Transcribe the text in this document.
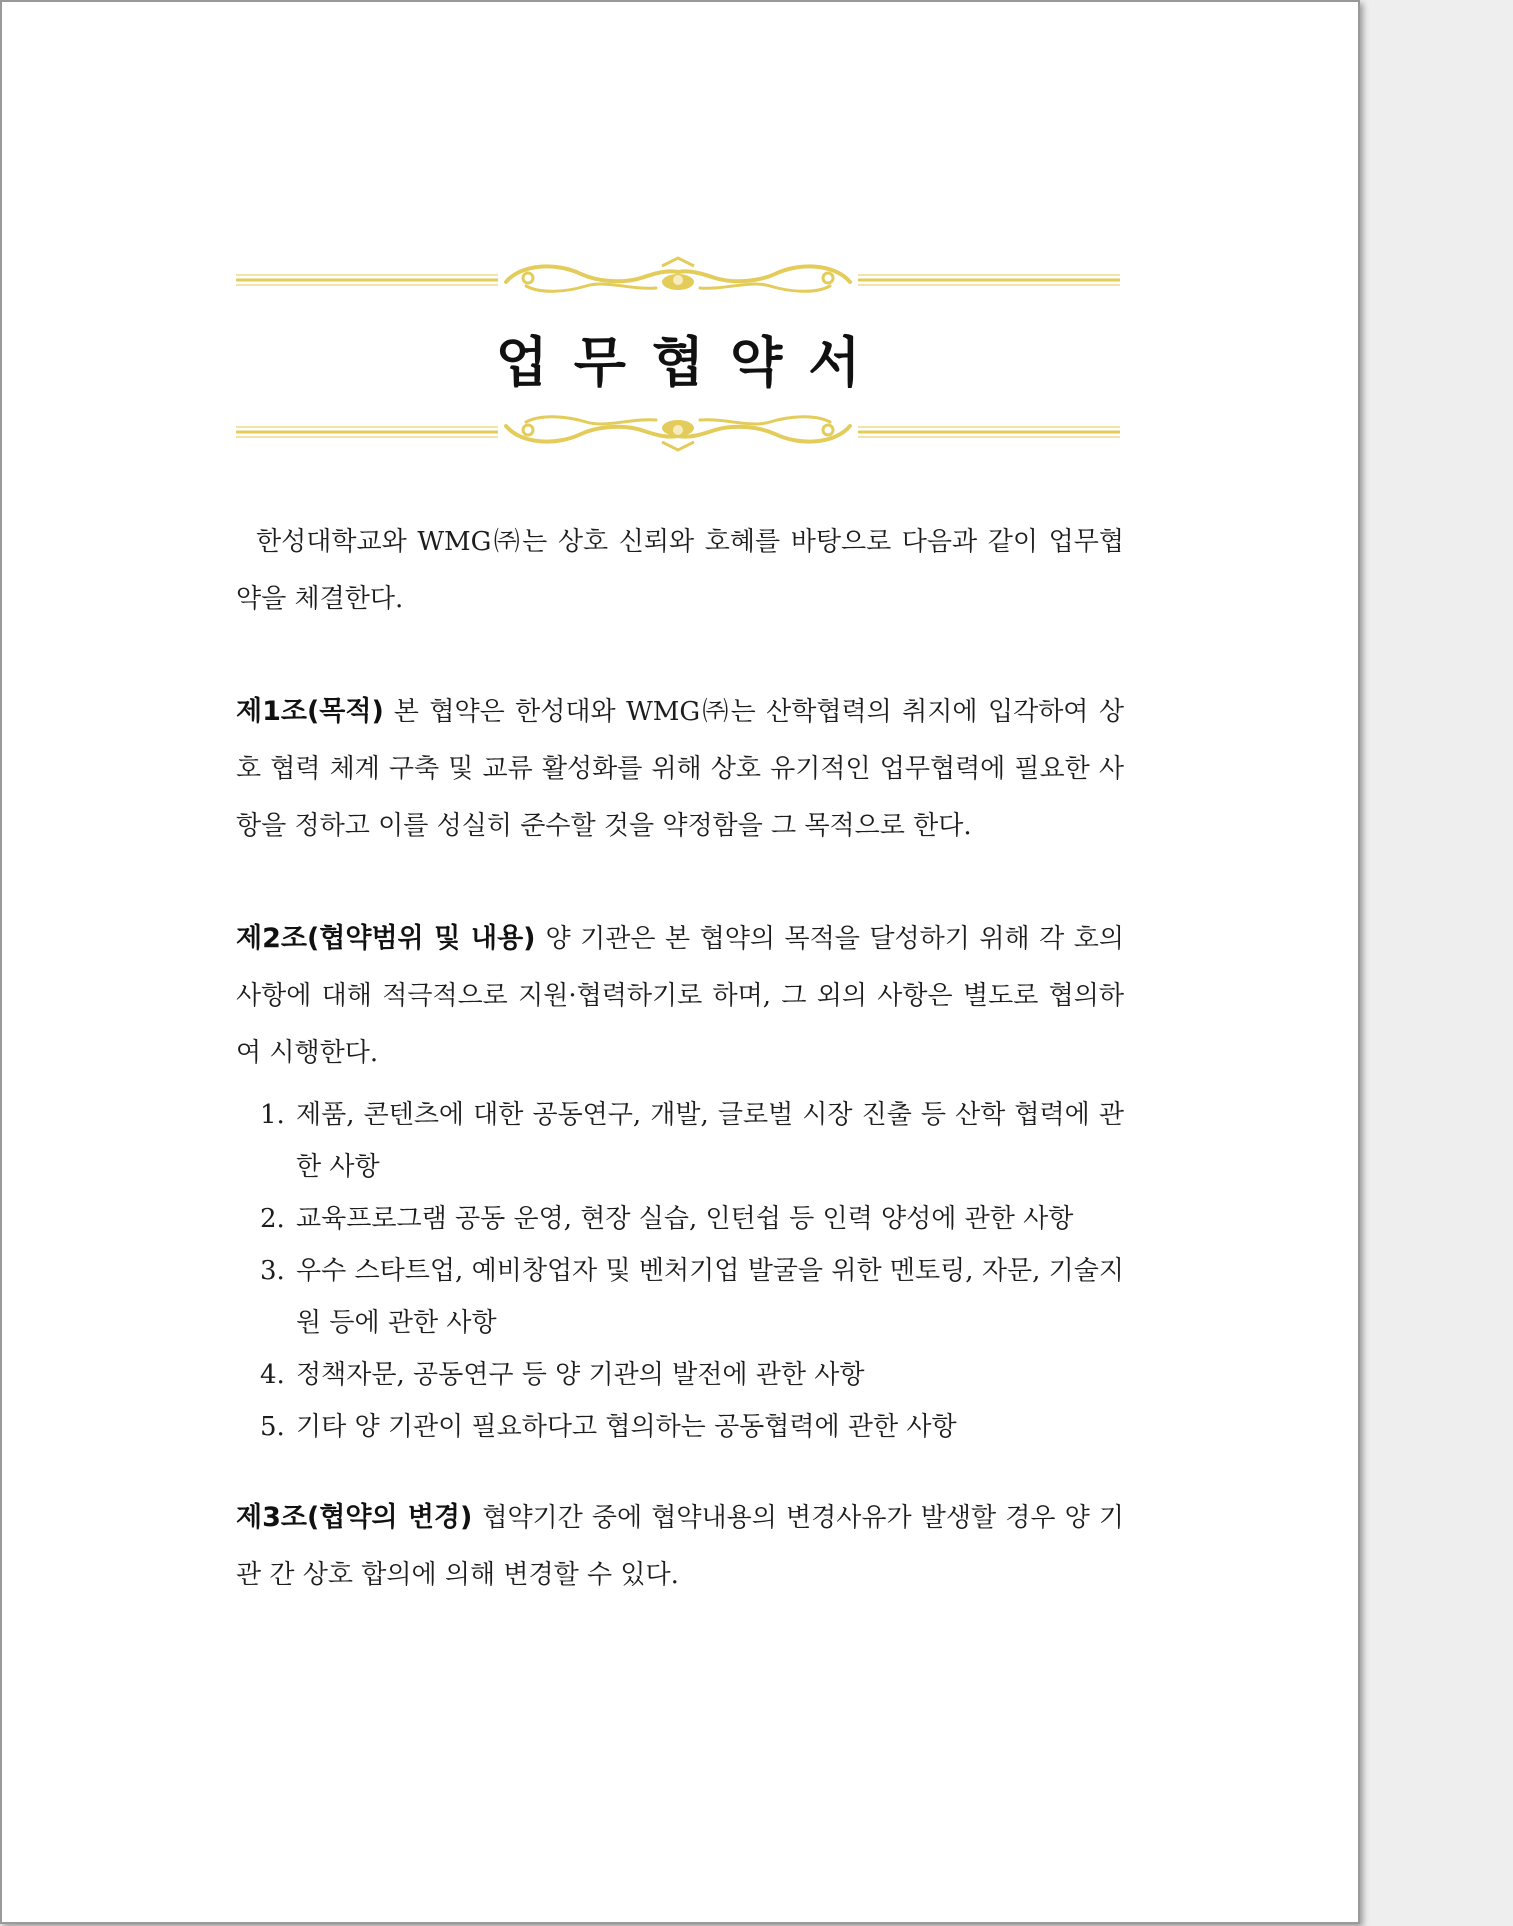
업무협약서

한성대학교와 WMG㈜는 상호 신뢰와 호혜를 바탕으로 다음과 같이 업무협약을 체결한다.

제1조(목적) 본 협약은 한성대와 WMG㈜는 산학협력의 취지에 입각하여 상호 협력 체계 구축 및 교류 활성화를 위해 상호 유기적인 업무협력에 필요한 사항을 정하고 이를 성실히 준수할 것을 약정함을 그 목적으로 한다.

제2조(협약범위 및 내용) 양 기관은 본 협약의 목적을 달성하기 위해 각 호의 사항에 대해 적극적으로 지원·협력하기로 하며, 그 외의 사항은 별도로 협의하여 시행한다.

1. 제품, 콘텐츠에 대한 공동연구, 개발, 글로벌 시장 진출 등 산학 협력에 관한 사항
2. 교육프로그램 공동 운영, 현장 실습, 인턴쉽 등 인력 양성에 관한 사항
3. 우수 스타트업, 예비창업자 및 벤처기업 발굴을 위한 멘토링, 자문, 기술지원 등에 관한 사항
4. 정책자문, 공동연구 등 양 기관의 발전에 관한 사항
5. 기타 양 기관이 필요하다고 협의하는 공동협력에 관한 사항

제3조(협약의 변경) 협약기간 중에 협약내용의 변경사유가 발생할 경우 양 기관 간 상호 합의에 의해 변경할 수 있다.
